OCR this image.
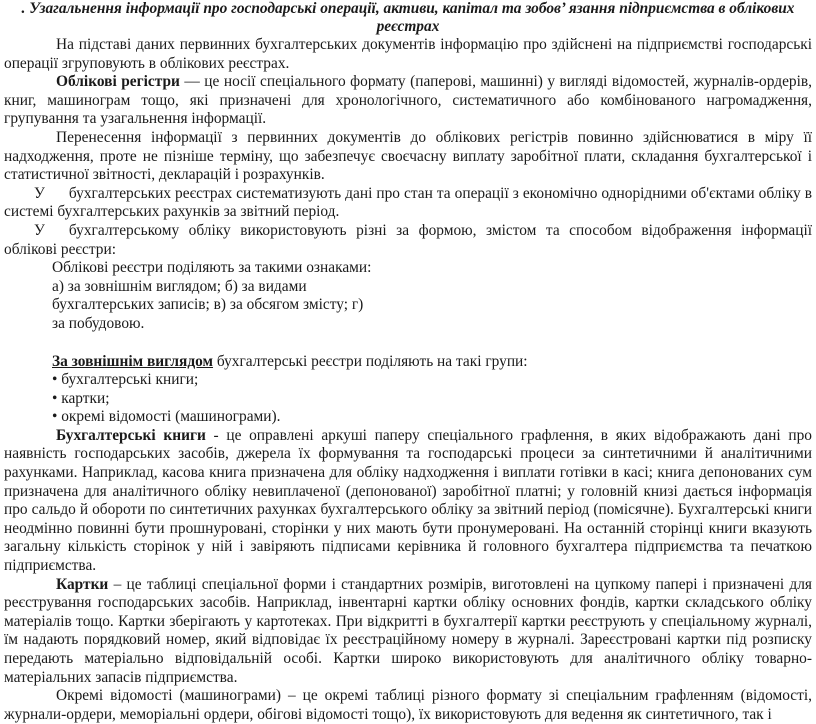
. Узагальнення інформації про господарські операції, активи, капітал та зобов’ язання підприємства в облікових реєстрах

На підставі даних первинних бухгалтерських документів інформацію про здійснені на підприємстві господарські операції згруповують в облікових реєстрах.

Облікові регістри — це носії спеціального формату (паперові, машинні) у вигляді відомостей, журналів-ордерів, книг, машинограм тощо, які призначені для хронологічного, систематичного або комбінованого нагромадження, групування та узагальнення інформації.

Перенесення інформації з первинних документів до облікових регістрів повинно здійснюватися в міру її надходження, проте не пізніше терміну, що забезпечує своєчасну виплату заробітної плати, складання бухгалтерської і статистичної звітності, декларацій і розрахунків.

У бухгалтерських реєстрах систематизують дані про стан та операції з економічно однорідними об'єктами обліку в системі бухгалтерських рахунків за звітний період.

У бухгалтерському обліку використовують різні за формою, змістом та способом відображення інформації облікові реєстри:

Облікові реєстри поділяють за такими ознаками:

а) за зовнішнім виглядом; б) за видами

бухгалтерських записів; в) за обсягом змісту; г)

за побудовою.

За зовнішнім виглядом бухгалтерські реєстри поділяють на такі групи:

• бухгалтерські книги;

• картки;

• окремі відомості (машинограми).

Бухгалтерські книги - це оправлені аркуші паперу спеціального графлення, в яких відображають дані про наявність господарських засобів, джерела їх формування та господарські процеси за синтетичними й аналітичними рахунками. Наприклад, касова книга призначена для обліку надходження і виплати готівки в касі; книга депонованих сум призначена для аналітичного обліку невиплаченої (депонованої) заробітної платні; у головній книзі дається інформація про сальдо й обороти по синтетичних рахунках бухгалтерського обліку за звітний період (помісячне). Бухгалтерські книги неодмінно повинні бути прошнуровані, сторінки у них мають бути пронумеровані. На останній сторінці книги вказують загальну кількість сторінок у ній і завіряють підписами керівника й головного бухгалтера підприємства та печаткою підприємства.

Картки – це таблиці спеціальної форми і стандартних розмірів, виготовлені на цупкому папері і призначені для реєстрування господарських засобів. Наприклад, інвентарні картки обліку основних фондів, картки складського обліку матеріалів тощо. Картки зберігають у картотеках. При відкритті в бухгалтерії картки реєструють у спеціальному журналі, їм надають порядковий номер, який відповідає їх реєстраційному номеру в журналі. Зареєстровані картки під розписку передають матеріально відповідальній особі. Картки широко використовують для аналітичного обліку товарно-матеріальних запасів підприємства.

Окремі відомості (машинограми) – це окремі таблиці різного формату зі спеціальним графленням (відомості, журнали-ордери, меморіальні ордери, обігові відомості тощо), їх використовують для ведення як синтетичного, так і
